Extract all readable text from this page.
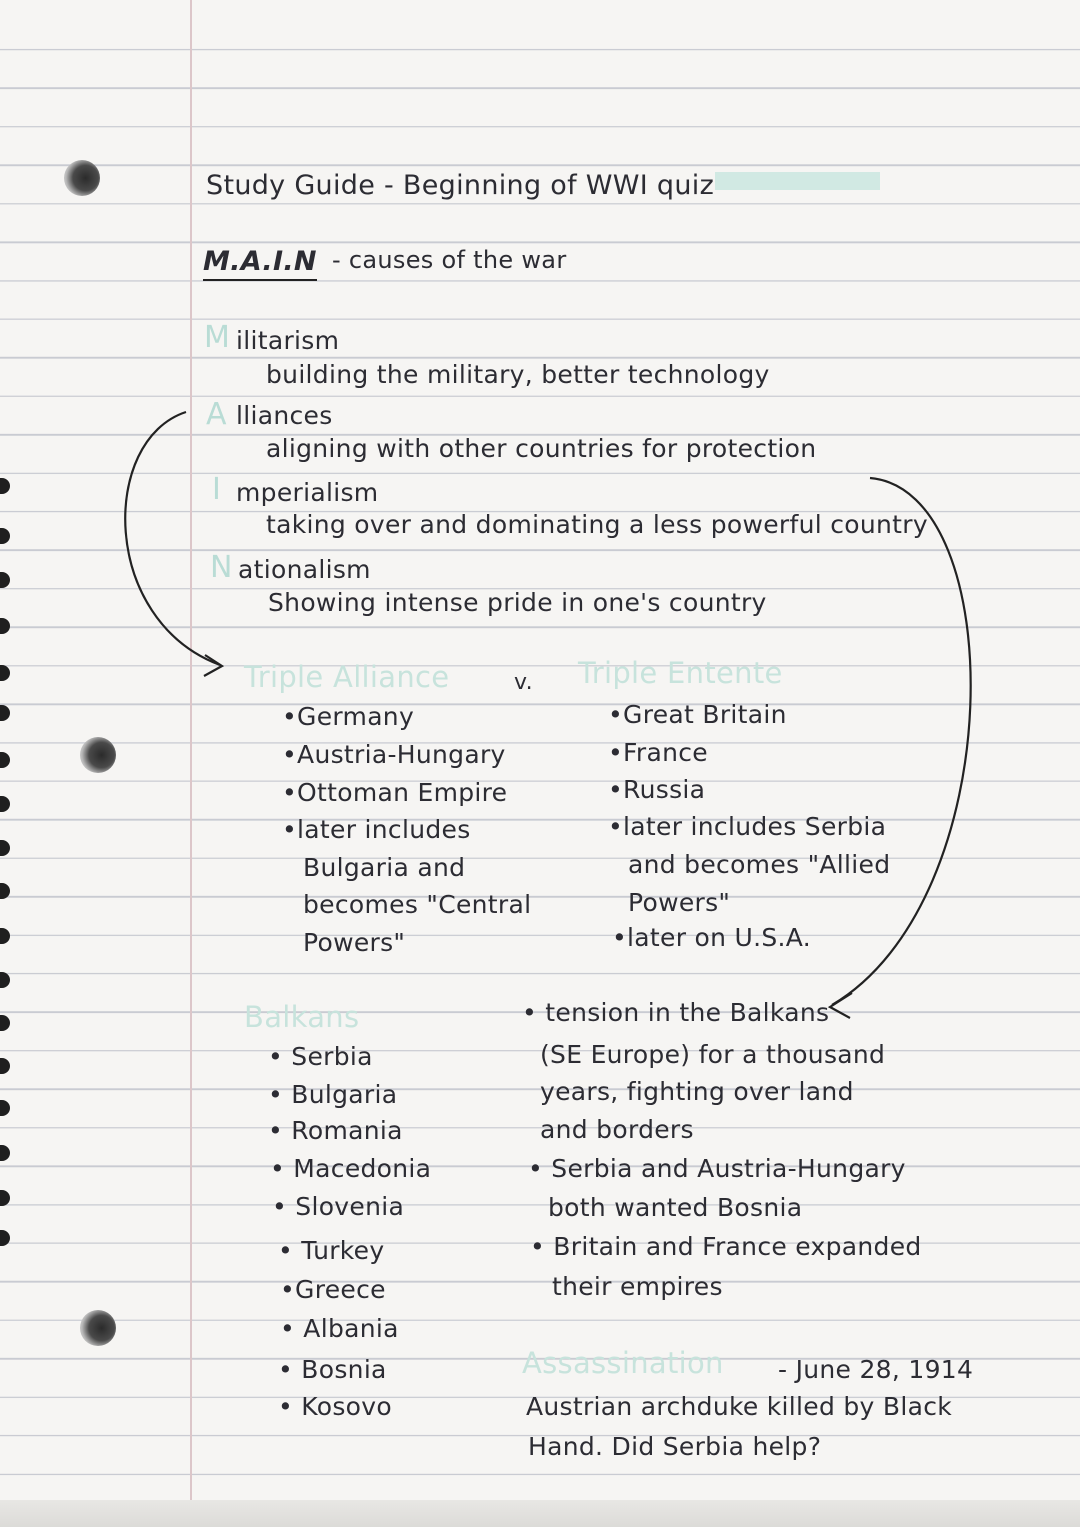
Study Guide - Beginning of WWI quiz
M.A.I.N - causes of the war
M ilitarism
building the military, better technology
A lliances
aligning with other countries for protection
I mperialism
taking over and dominating a less powerful country
N ationalism
Showing intense pride in one's country
Triple Alliance	v. Triple Entente
•Germany
•Austria-Hungary
•Ottoman Empire
•later includes
Bulgaria and
becomes "Central
Powers"
•Great Britain
•France
•Russia
•later includes Serbia
and becomes "Allied
Powers"
•later on U.S.A.
Balkans
• Serbia
• Bulgaria
• Romania
• Macedonia
• Slovenia
• Turkey
•Greece
• Albania
• Bosnia
• Kosovo
• tension in the Balkans
(SE Europe) for a thousand
years, fighting over land
and borders
• Serbia and Austria-Hungary
both wanted Bosnia
• Britain and France expanded
their empires
Assassination - June 28, 1914
Austrian archduke killed by Black
Hand. Did Serbia help?
